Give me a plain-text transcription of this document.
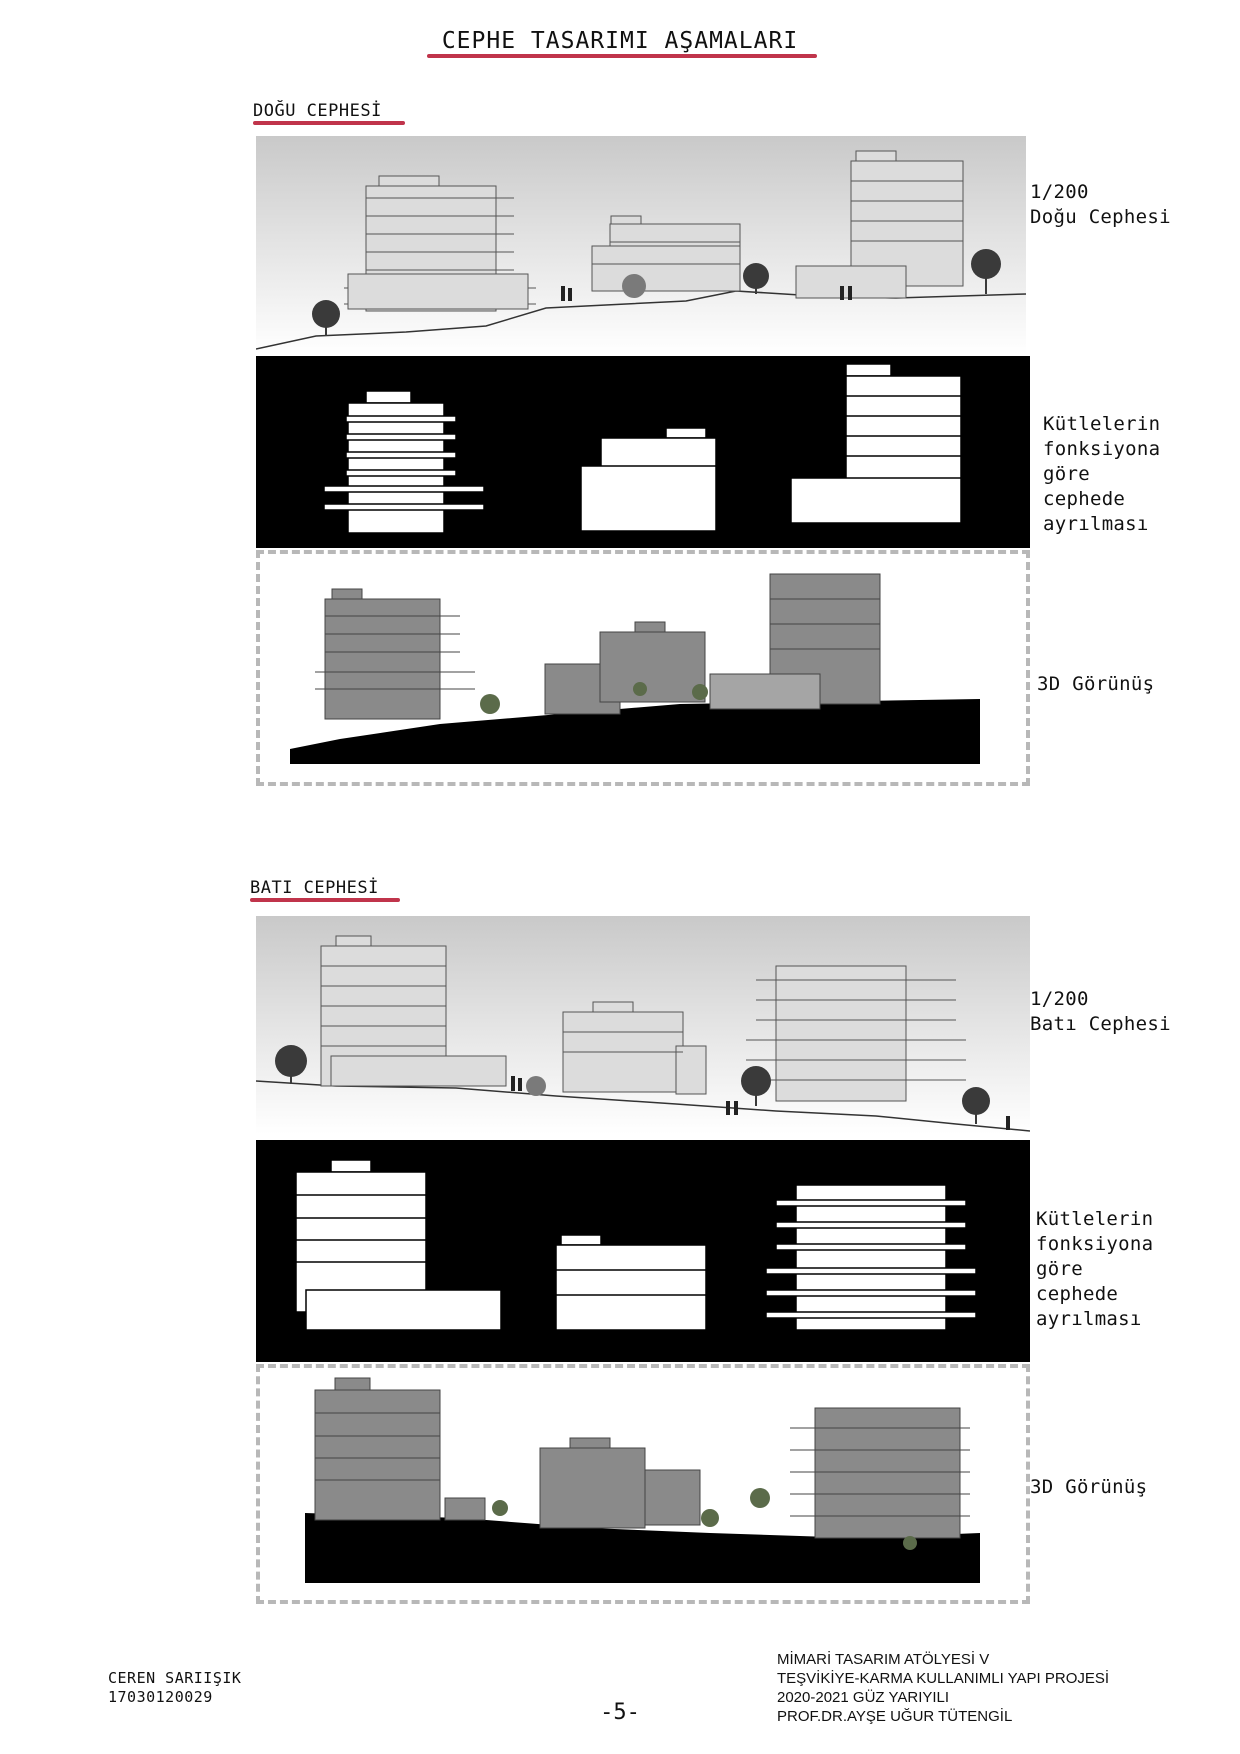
CEPHE TASARIMI AŞAMALARI
DOĞU CEPHESİ
1/200
Doğu Cephesi
Kütlelerin
fonksiyona
göre
cephede
ayrılması
3D Görünüş
BATI CEPHESİ
1/200
Batı Cephesi
Kütlelerin
fonksiyona
göre
cephede
ayrılması
3D Görünüş
CEREN SARIIŞIK
17030120029
-5-
MİMARİ TASARIM ATÖLYESİ V
TEŞVİKİYE-KARMA KULLANIMLI YAPI PROJESİ
2020-2021 GÜZ YARIYILI
PROF.DR.AYŞE UĞUR TÜTENGİL
